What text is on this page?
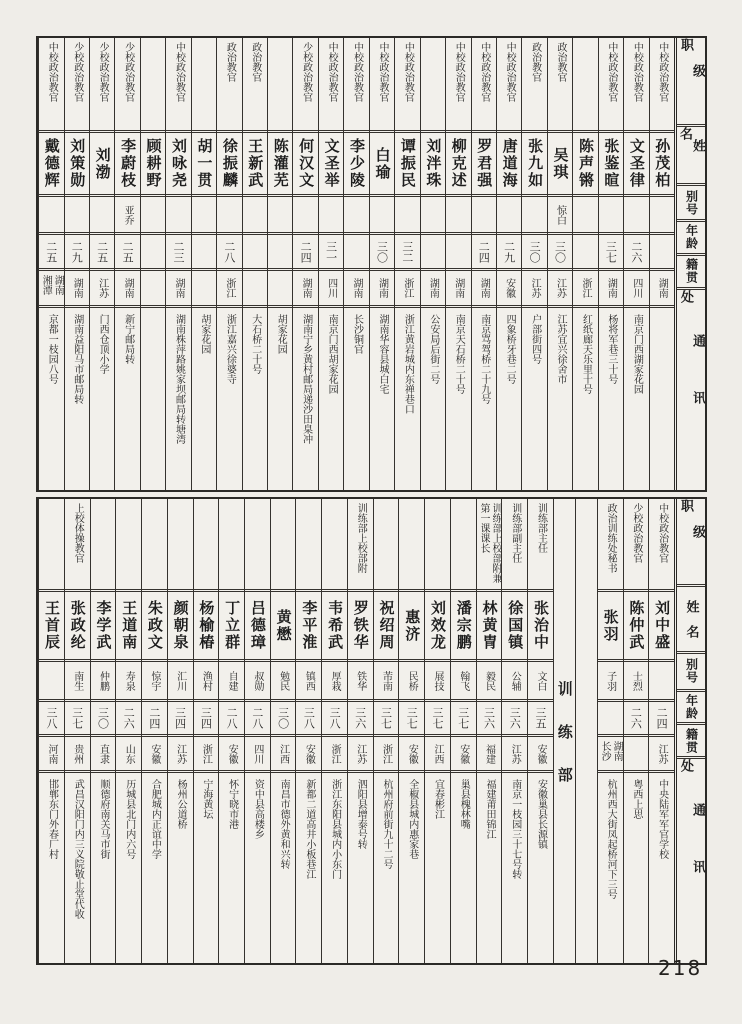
级职
姓名
别号
年龄
籍贯
通讯处
中校政治教官
孙茂柏
湖南
中校政治教官
文圣律
二六
四川
南京门西湖家花园
中校政治教官
张鉴暄
三七
湖南
杨将军巷三十号
陈声锵
浙江
红纸廊天乐里十号
政治教官
吴琪
惊白
三〇
江苏
江苏宜兴徐舍市
政治教官
张九如
三〇
江苏
户部街四号
中校政治教官
唐道海
二九
安徽
四象桥牙巷二号
中校政治教官
罗君强
二四
湖南
南京骂驾桥二十九号
中校政治教官
柳克述
湖南
南京天石桥二十号
刘泮珠
湖南
公安局后街二号
中校政治教官
谭振民
三二
浙江
浙江黄岩城内东禅巷口
中校政治教官
白瑜
三〇
湖南
湖南华容县城白宅
中校政治教官
李少陵
湖南
长沙铜官
中校政治教官
文圣举
三一
四川
南京门西胡家花园
少校政治教官
何汉文
二四
湖南
湖南宁乡黄村邮局递沙田臬冲
陈灌芜
胡家花园
政治教官
王新武
大石桥二十号
政治教官
徐振麟
二八
浙江
浙江嘉兴徐婆寺
胡一贯
胡家花园
中校政治教官
刘咏尧
二三
湖南
湖南株萍路姚家坝邮局转塘湾
顾耕野
少校政治教官
李蔚枝
亚乔
二五
湖南
新宁邮局转
少校政治教官
刘渤
二五
江苏
门西仓顶小学
少校政治教官
刘策勋
二九
湖南
湖南益阳马市邮局转
中校政治教官
戴德辉
二五
湖南湘潭
京都一枝园八号
级职
姓名
别号
年龄
籍贯
通讯处
中校政治教官
刘中盛
二四
江苏
中央陆军军官学校
少校政治教官
陈仲武
士烈
二六
粤西上思
政治训练处秘书
张羽
子羽
湖南长沙
杭州西大街凤起桥河下三号
训练部
训练部主任
张治中
文白
三五
安徽
安徽巢县长源镇
训练部副主任
徐国镇
公辅
三六
江苏
南京一枝园三十七号转
训练部上校部附兼第一课课长
林黄冑
毅民
三六
福建
福建莆田锦江
潘宗鹏
翰飞
三七
安徽
巢县槐林嘴
刘效龙
展技
三七
江西
宜春彬江
惠济
民桥
三七
安徽
全椒县城内惠家巷
祝绍周
芾南
三七
浙江
杭州府前街九十二号
训练部上校部附
罗铁华
铁华
三六
江苏
泗阳县增泰号转
韦希武
厚栽
三八
浙江
浙江东阳县城内小东门
李平淮
镇西
三八
安徽
新都二道高井小板巷江
黄懋
勉民
三〇
江西
南昌市德外黄和兴转
吕德璋
叔勋
二八
四川
资中县高楼乡
丁立群
自建
二八
安徽
怀宁晓市港
杨榆椿
渔村
三四
浙江
宁海黄坛
颜朝泉
汇川
三四
江苏
杨州公道桥
朱政文
惊宇
二四
安徽
合肥城内正谊中学
王道南
寿泉
二六
山东
历城县北门内六号
李学武
仲鹏
三〇
直隶
顺德府南关马市街
上校体操教官
张政纶
南生
三七
贵州
武昌汉阳门内三义院敬止堂代收
王首辰
三八
河南
邯郸东门外春厂村
218
